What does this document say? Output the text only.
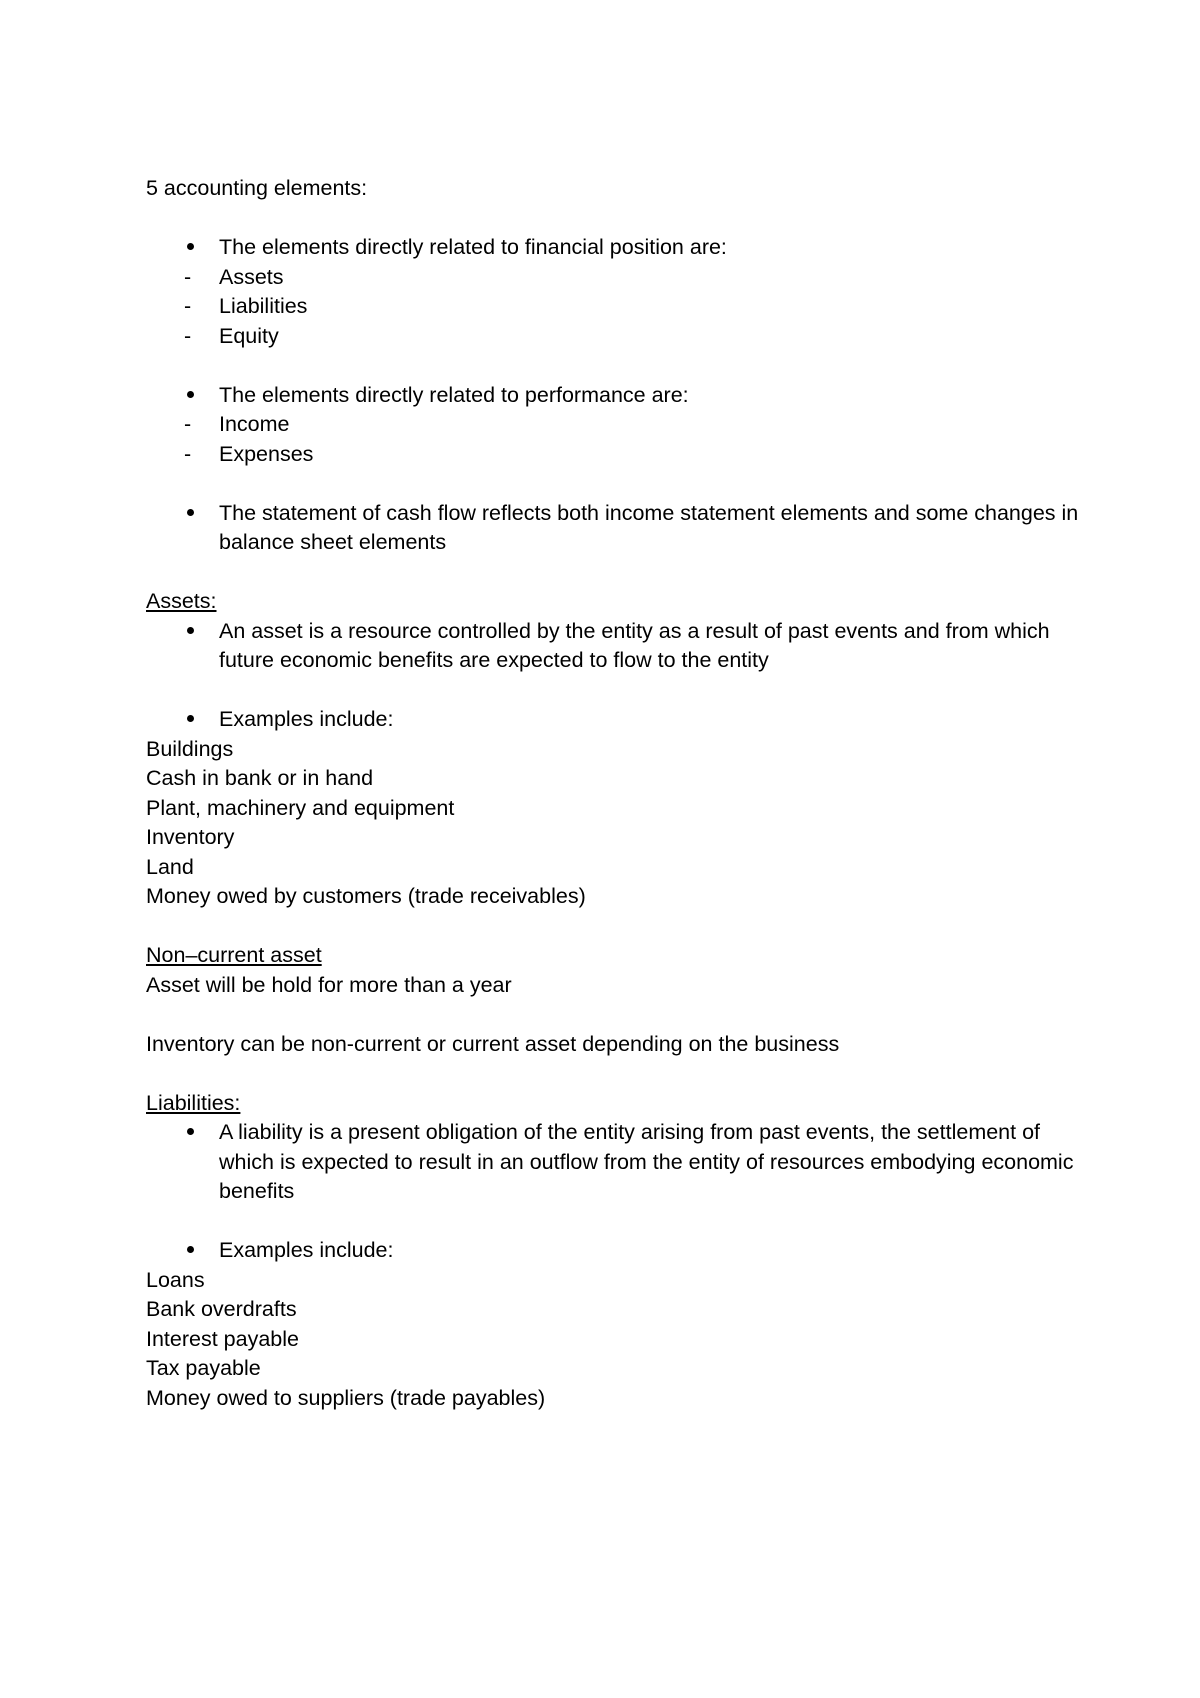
5 accounting elements:
The elements directly related to financial position are:
-	Assets
-	Liabilities
-	Equity
The elements directly related to performance are:
-	Income
-	Expenses
The statement of cash flow reflects both income statement elements and some changes in balance sheet elements
Assets:
An asset is a resource controlled by the entity as a result of past events and from which future economic benefits are expected to flow to the entity
Examples include:
Buildings
Cash in bank or in hand
Plant, machinery and equipment
Inventory
Land
Money owed by customers (trade receivables)
Non–current asset
Asset will be hold for more than a year
Inventory can be non-current or current asset depending on the business
Liabilities:
A liability is a present obligation of the entity arising from past events, the settlement of which is expected to result in an outflow from the entity of resources embodying economic benefits
Examples include:
Loans
Bank overdrafts
Interest payable
Tax payable
Money owed to suppliers (trade payables)
